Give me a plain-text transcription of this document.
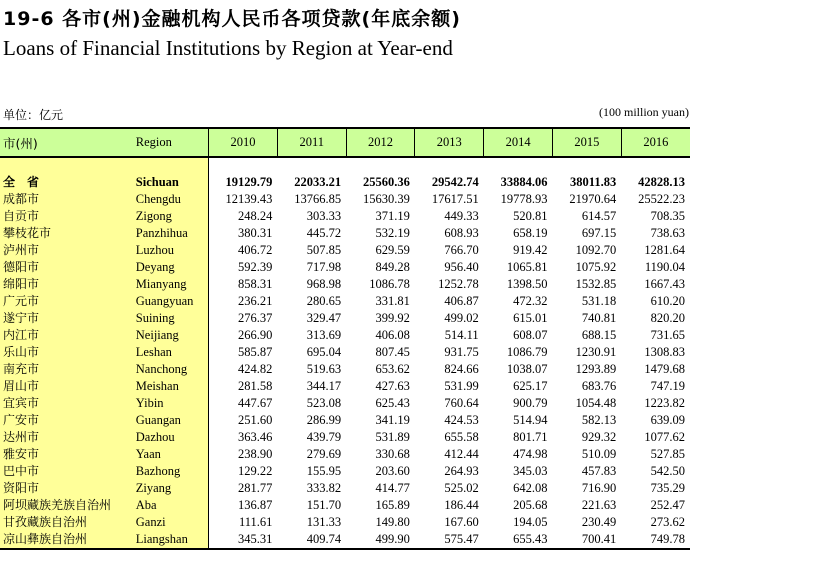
19-6 各市(州)金融机构人民币各项贷款(年底余额)
Loans of Financial Institutions by Region at Year-end
单位：亿元	(100 million yuan)
市(州)	Region	2010	2011	2012	2013	2014	2015	2016

全　省	Sichuan	19129.79	22033.21	25560.36	29542.74	33884.06	38011.83	42828.13
成都市	Chengdu	12139.43	13766.85	15630.39	17617.51	19778.93	21970.64	25522.23
自贡市	Zigong	248.24	303.33	371.19	449.33	520.81	614.57	708.35
攀枝花市	Panzhihua	380.31	445.72	532.19	608.93	658.19	697.15	738.63
泸州市	Luzhou	406.72	507.85	629.59	766.70	919.42	1092.70	1281.64
德阳市	Deyang	592.39	717.98	849.28	956.40	1065.81	1075.92	1190.04
绵阳市	Mianyang	858.31	968.98	1086.78	1252.78	1398.50	1532.85	1667.43
广元市	Guangyuan	236.21	280.65	331.81	406.87	472.32	531.18	610.20
遂宁市	Suining	276.37	329.47	399.92	499.02	615.01	740.81	820.20
内江市	Neijiang	266.90	313.69	406.08	514.11	608.07	688.15	731.65
乐山市	Leshan	585.87	695.04	807.45	931.75	1086.79	1230.91	1308.83
南充市	Nanchong	424.82	519.63	653.62	824.66	1038.07	1293.89	1479.68
眉山市	Meishan	281.58	344.17	427.63	531.99	625.17	683.76	747.19
宜宾市	Yibin	447.67	523.08	625.43	760.64	900.79	1054.48	1223.82
广安市	Guangan	251.60	286.99	341.19	424.53	514.94	582.13	639.09
达州市	Dazhou	363.46	439.79	531.89	655.58	801.71	929.32	1077.62
雅安市	Yaan	238.90	279.69	330.68	412.44	474.98	510.09	527.85
巴中市	Bazhong	129.22	155.95	203.60	264.93	345.03	457.83	542.50
资阳市	Ziyang	281.77	333.82	414.77	525.02	642.08	716.90	735.29
阿坝藏族羌族自治州	Aba	136.87	151.70	165.89	186.44	205.68	221.63	252.47
甘孜藏族自治州	Ganzi	111.61	131.33	149.80	167.60	194.05	230.49	273.62
凉山彝族自治州	Liangshan	345.31	409.74	499.90	575.47	655.43	700.41	749.78
